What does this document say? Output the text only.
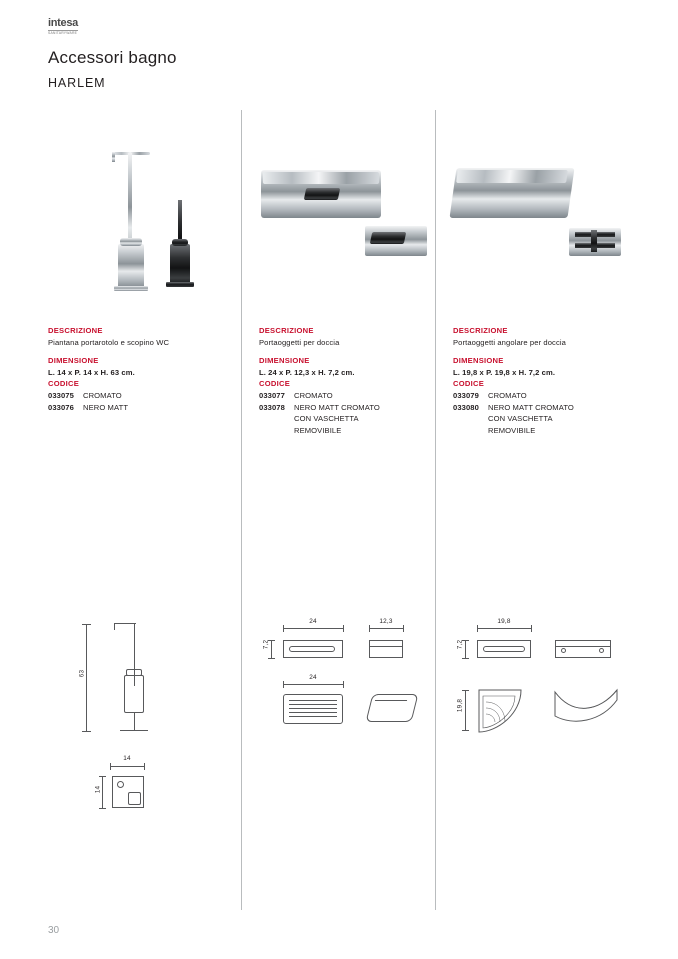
intesa
SANITARYWARE
Accessori bagno
HARLEM
DESCRIZIONE
Piantana portarotolo e scopino WC
DIMENSIONE
L. 14 x P. 14 x H. 63 cm.
CODICE
033075	CROMATO
033076	NERO MATT
DESCRIZIONE
Portaoggetti per doccia
DIMENSIONE
L. 24 x P. 12,3 x H. 7,2 cm.
CODICE
033077	CROMATO
033078	NERO MATT CROMATO
CON VASCHETTA
REMOVIBILE
DESCRIZIONE
Portaoggetti angolare per doccia
DIMENSIONE
L. 19,8 x P. 19,8 x H. 7,2 cm.
CODICE
033079	CROMATO
033080	NERO MATT CROMATO
CON VASCHETTA
REMOVIBILE
63
14
14
24
7,2
12,3
24
19,8
7,2
19,8
30
